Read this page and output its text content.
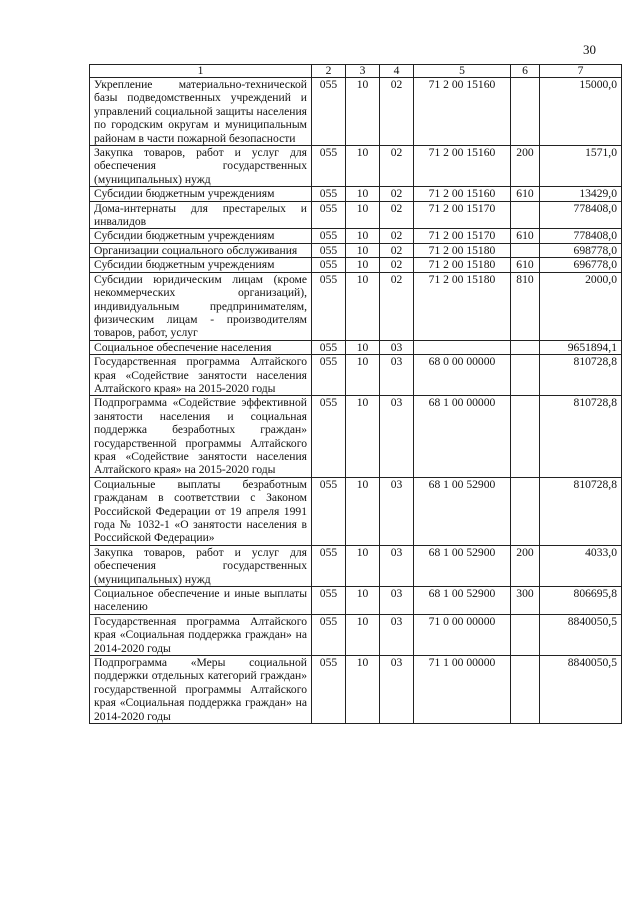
30
1	2	3	4	5	6	7
Укрепление материально-технической базы подведомственных учреждений и управлений социальной защиты населения по городским округам и муниципальным районам в части пожарной безопасности	055	10	02	71 2 00 15160		15000,0
Закупка товаров, работ и услуг для обеспечения государственных (муниципальных) нужд	055	10	02	71 2 00 15160	200	1571,0
Субсидии бюджетным учреждениям	055	10	02	71 2 00 15160	610	13429,0
Дома-интернаты для престарелых и инвалидов	055	10	02	71 2 00 15170		778408,0
Субсидии бюджетным учреждениям	055	10	02	71 2 00 15170	610	778408,0
Организации социального обслуживания	055	10	02	71 2 00 15180		698778,0
Субсидии бюджетным учреждениям	055	10	02	71 2 00 15180	610	696778,0
Субсидии юридическим лицам (кроме некоммерческих организаций), индивидуальным предпринимателям, физическим лицам - производителям товаров, работ, услуг	055	10	02	71 2 00 15180	810	2000,0
Социальное обеспечение населения	055	10	03			9651894,1
Государственная программа Алтайского края «Содействие занятости населения Алтайского края» на 2015-2020 годы	055	10	03	68 0 00 00000		810728,8
Подпрограмма «Содействие эффективной занятости населения и социальная поддержка безработных граждан» государственной программы Алтайского края «Содействие занятости населения Алтайского края» на 2015-2020 годы	055	10	03	68 1 00 00000		810728,8
Социальные выплаты безработным гражданам в соответствии с Законом Российской Федерации от 19 апреля 1991 года № 1032-1 «О занятости населения в Российской Федерации»	055	10	03	68 1 00 52900		810728,8
Закупка товаров, работ и услуг для обеспечения государственных (муниципальных) нужд	055	10	03	68 1 00 52900	200	4033,0
Социальное обеспечение и иные выплаты населению	055	10	03	68 1 00 52900	300	806695,8
Государственная программа Алтайского края «Социальная поддержка граждан» на 2014-2020 годы	055	10	03	71 0 00 00000		8840050,5
Подпрограмма «Меры социальной поддержки отдельных категорий граждан» государственной программы Алтайского края «Социальная поддержка граждан» на 2014-2020 годы	055	10	03	71 1 00 00000		8840050,5
